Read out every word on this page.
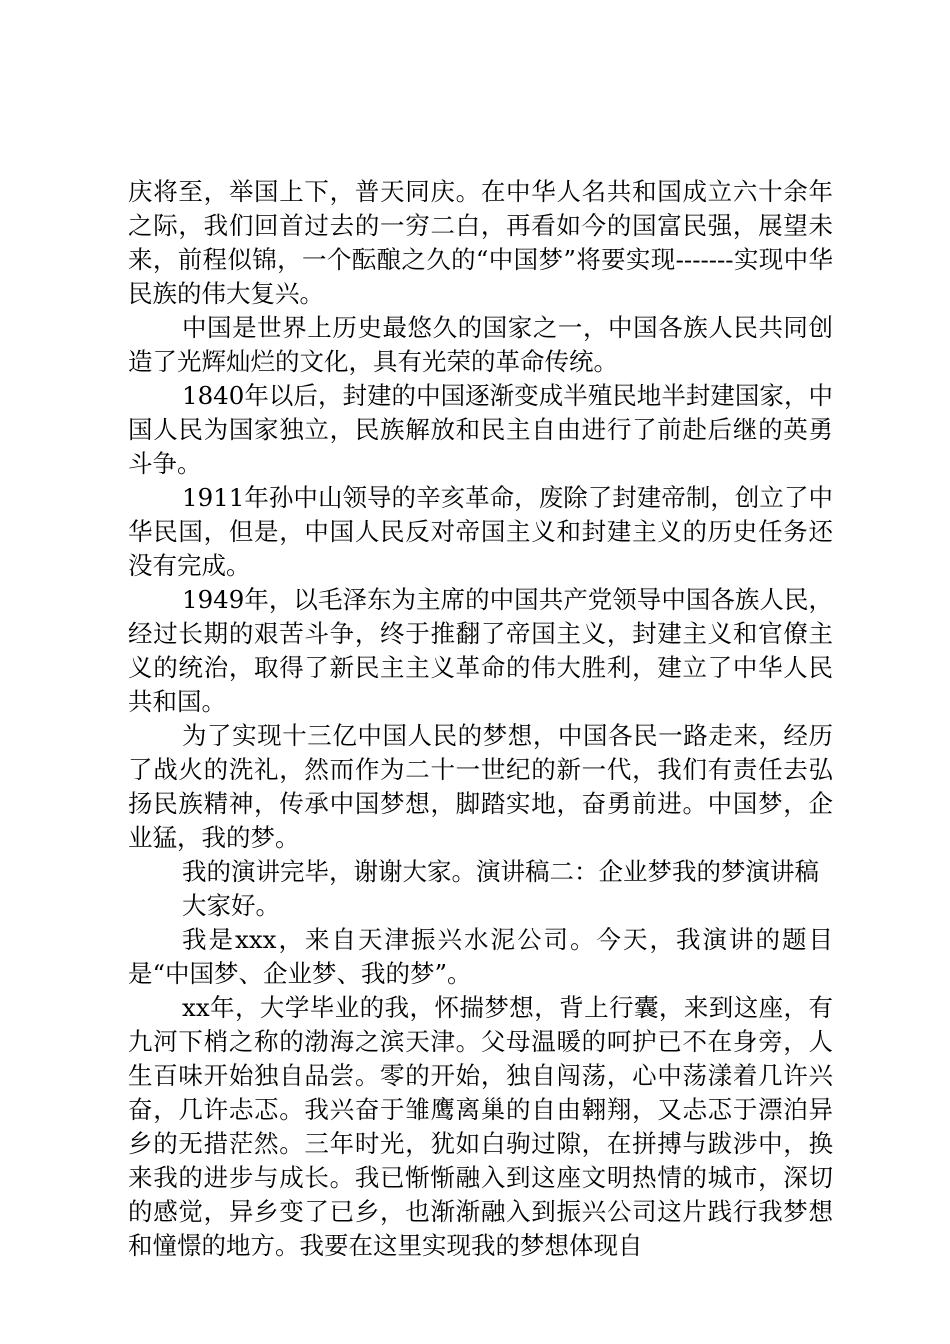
庆将至，举国上下，普天同庆。在中华人名共和国成立六十余年之际，我们回首过去的一穷二白，再看如今的国富民强，展望未来，前程似锦，一个酝酿之久的“中国梦”将要实现-------实现中华民族的伟大复兴。

中国是世界上历史最悠久的国家之一，中国各族人民共同创造了光辉灿烂的文化，具有光荣的革命传统。

1840年以后，封建的中国逐渐变成半殖民地半封建国家，中国人民为国家独立，民族解放和民主自由进行了前赴后继的英勇斗争。

1911年孙中山领导的辛亥革命，废除了封建帝制，创立了中华民国，但是，中国人民反对帝国主义和封建主义的历史任务还没有完成。

1949年，以毛泽东为主席的中国共产党领导中国各族人民，经过长期的艰苦斗争，终于推翻了帝国主义，封建主义和官僚主义的统治，取得了新民主主义革命的伟大胜利，建立了中华人民共和国。

为了实现十三亿中国人民的梦想，中国各民一路走来，经历了战火的洗礼，然而作为二十一世纪的新一代，我们有责任去弘扬民族精神，传承中国梦想，脚踏实地，奋勇前进。中国梦，企业猛，我的梦。

我的演讲完毕，谢谢大家。演讲稿二：企业梦我的梦演讲稿

大家好。

我是xxx，来自天津振兴水泥公司。今天，我演讲的题目是“中国梦、企业梦、我的梦”。

xx年，大学毕业的我，怀揣梦想，背上行囊，来到这座，有九河下梢之称的渤海之滨天津。父母温暖的呵护已不在身旁，人生百味开始独自品尝。零的开始，独自闯荡，心中荡漾着几许兴奋，几许忐忑。我兴奋于雏鹰离巢的自由翱翔，又忐忑于漂泊异乡的无措茫然。三年时光，犹如白驹过隙，在拼搏与跋涉中，换来我的进步与成长。我已惭惭融入到这座文明热情的城市，深切的感觉，异乡变了已乡，也渐渐融入到振兴公司这片践行我梦想和憧憬的地方。我要在这里实现我的梦想体现自
